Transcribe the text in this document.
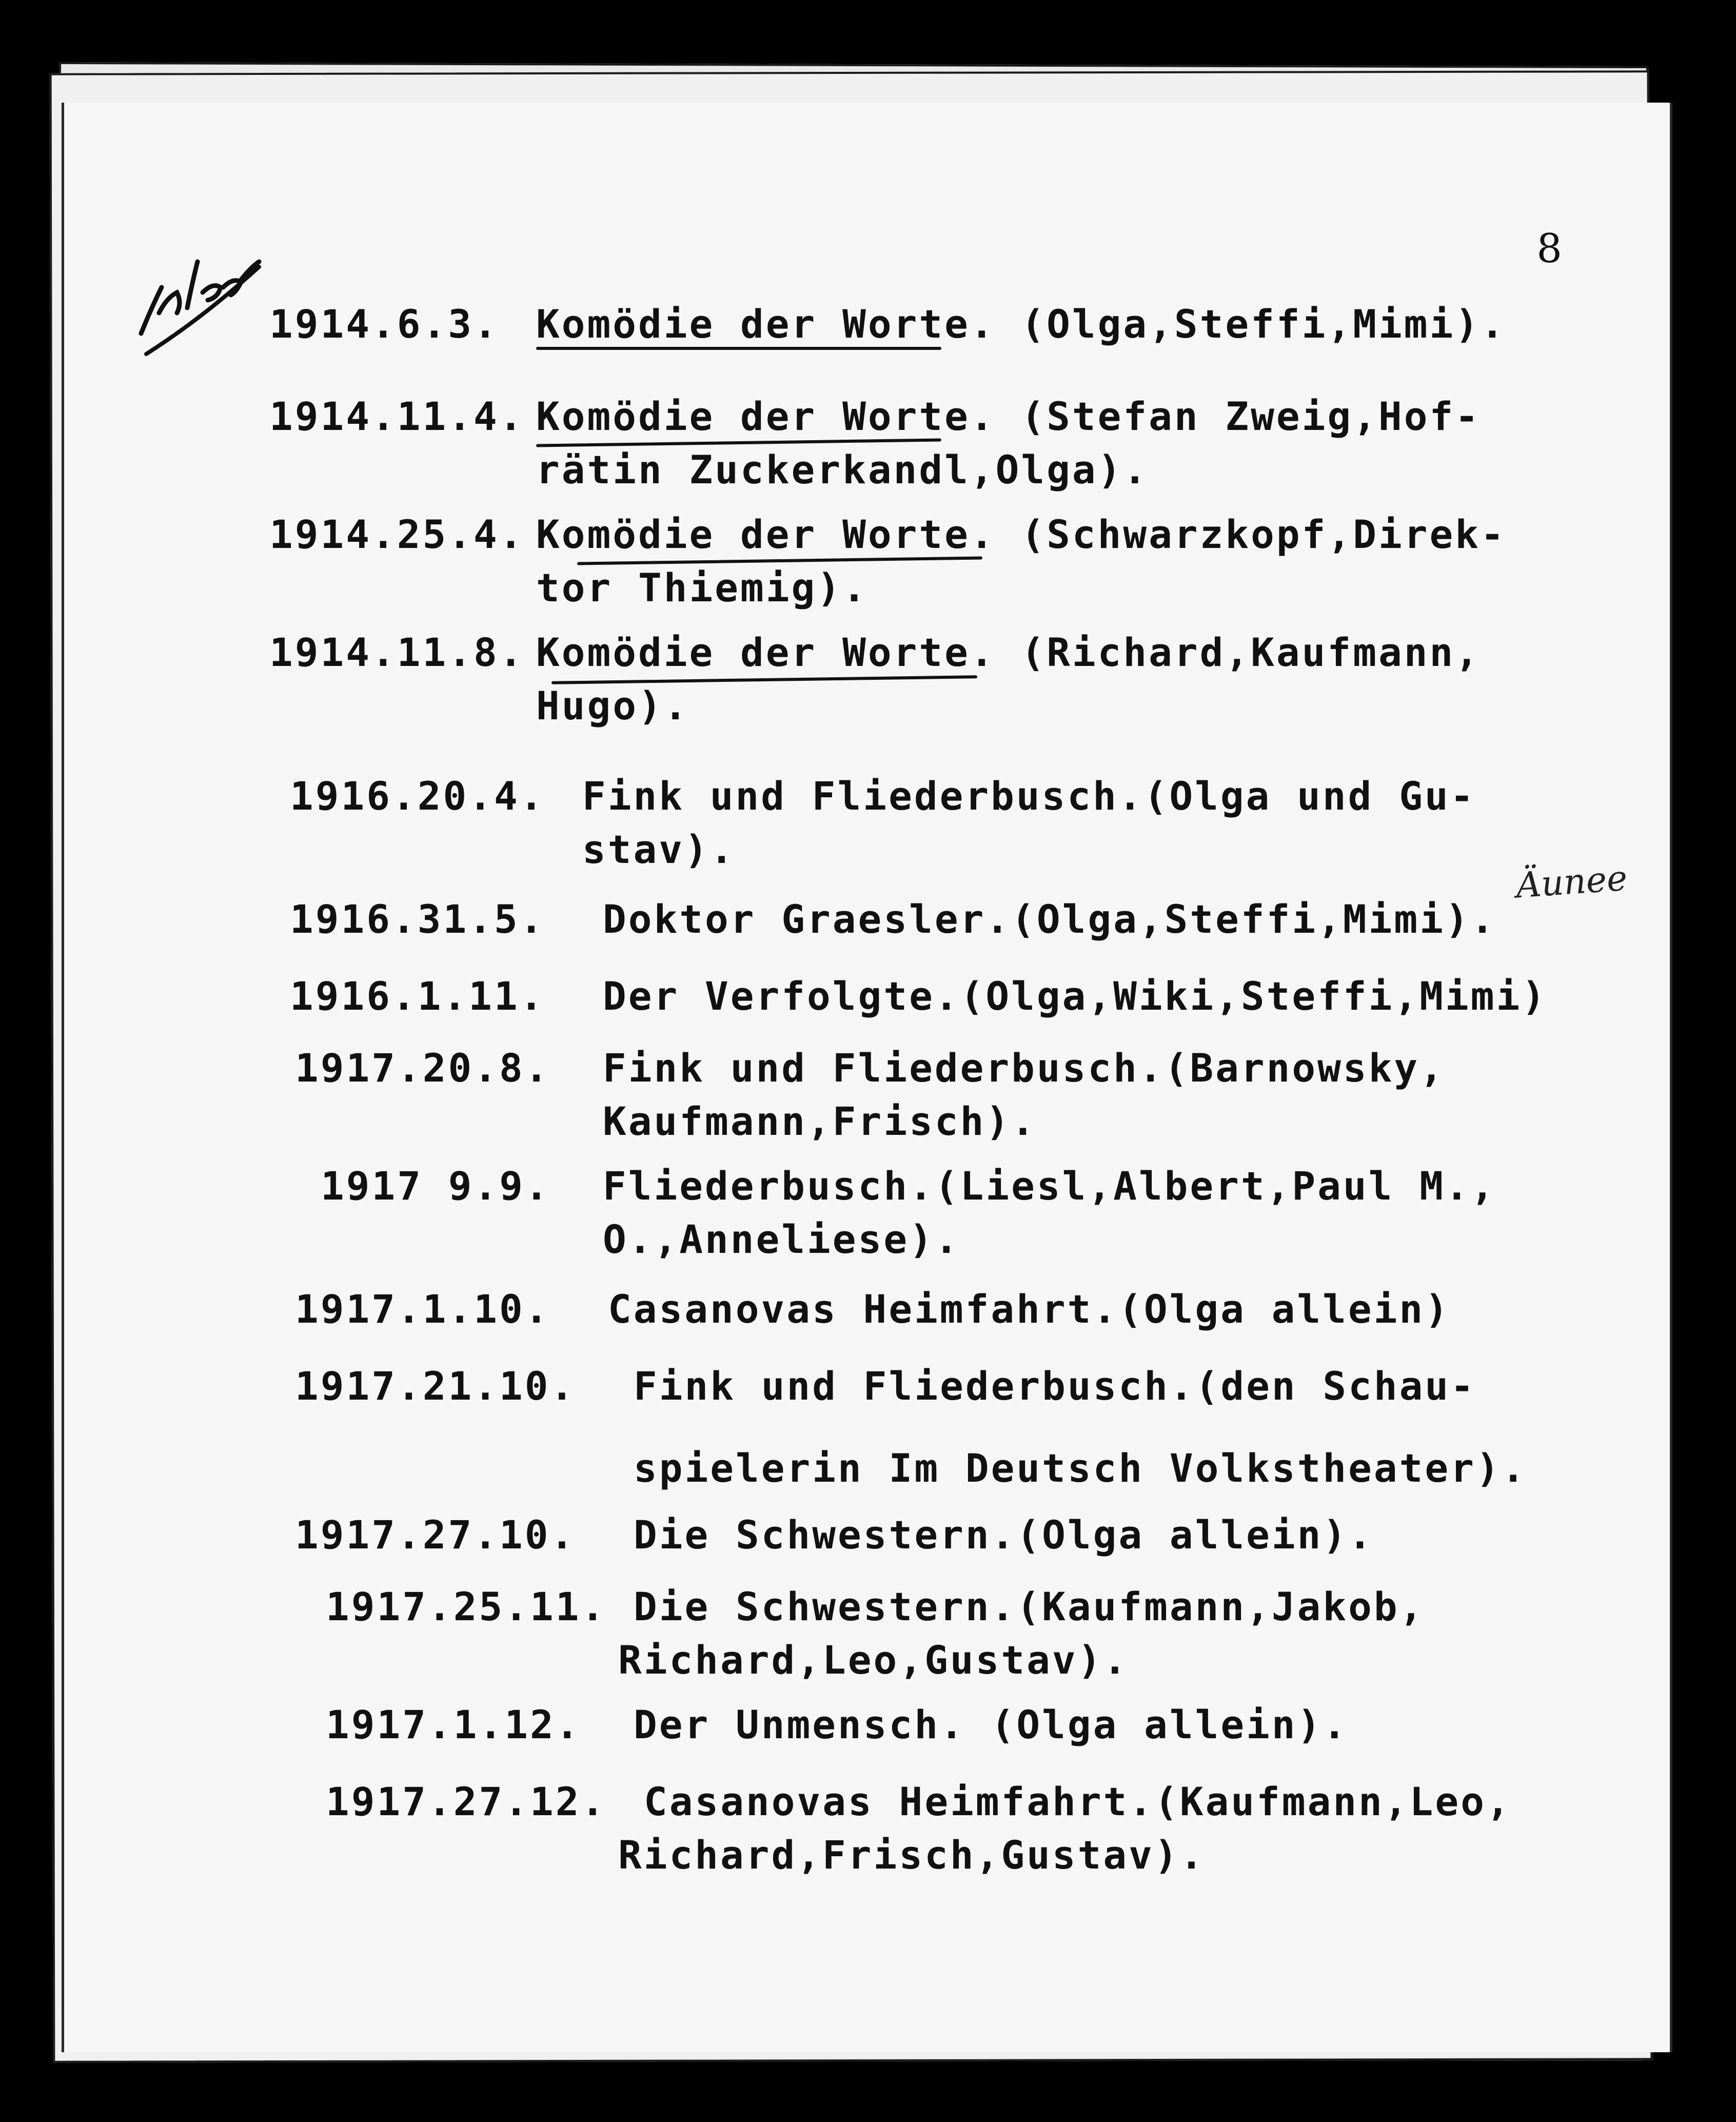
8
1914.6.3. Komödie der Worte. (Olga,Steffi,Mimi).
1914.11.4. Komödie der Worte. (Stefan Zweig,Hof-
rätin Zuckerkandl,Olga).
1914.25.4. Komödie der Worte. (Schwarzkopf,Direk-
tor Thiemig).
1914.11.8. Komödie der Worte. (Richard,Kaufmann,
Hugo).
1916.20.4. Fink und Fliederbusch.(Olga und Gu-
stav).
1916.31.5. Doktor Graesler.(Olga,Steffi,Mimi).
1916.1.11. Der Verfolgte.(Olga,Wiki,Steffi,Mimi)
1917.20.8. Fink und Fliederbusch.(Barnowsky,
Kaufmann,Frisch).
1917 9.9. Fliederbusch.(Liesl,Albert,Paul M.,
O.,Anneliese).
1917.1.10. Casanovas Heimfahrt.(Olga allein)
1917.21.10. Fink und Fliederbusch.(den Schau-
spielerin Im Deutsch Volkstheater).
1917.27.10. Die Schwestern.(Olga allein).
1917.25.11. Die Schwestern.(Kaufmann,Jakob,
Richard,Leo,Gustav).
1917.1.12. Der Unmensch. (Olga allein).
1917.27.12. Casanovas Heimfahrt.(Kaufmann,Leo,
Richard,Frisch,Gustav).
Äunee
